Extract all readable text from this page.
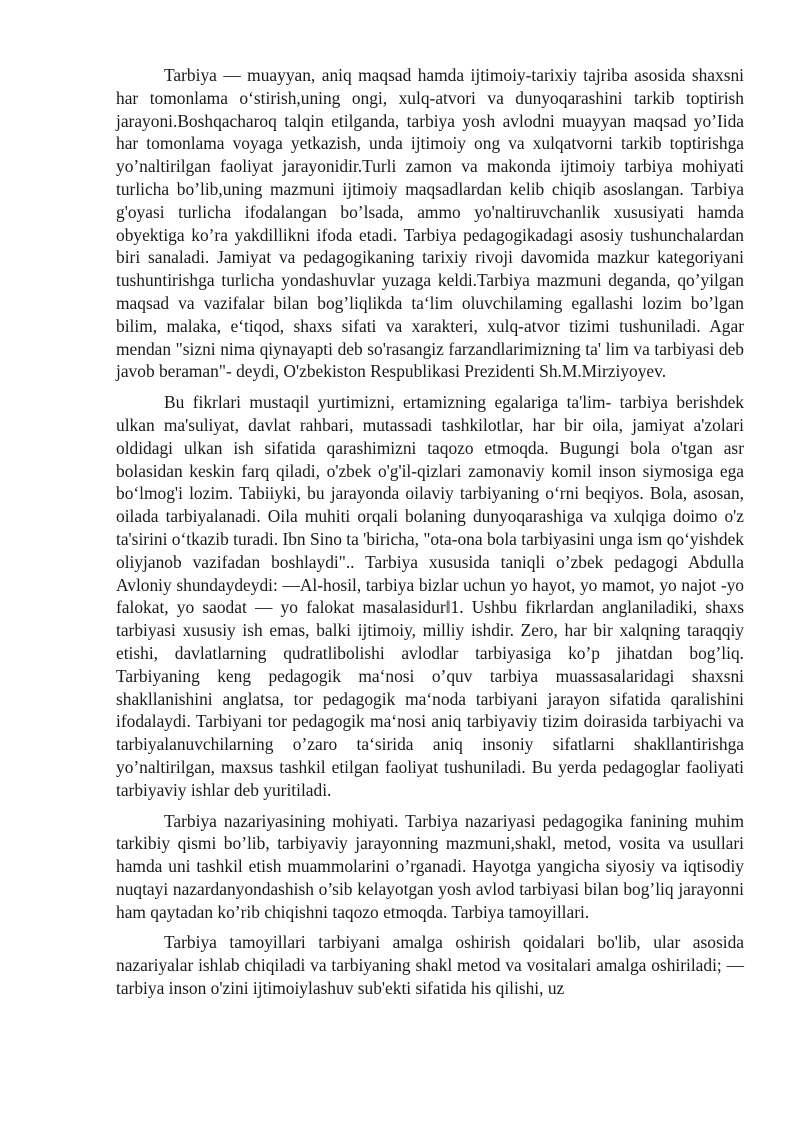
Tarbiya — muayyan, aniq maqsad hamda ijtimoiy-tarixiy tajriba asosida shaxsni har tomonlama o‘stirish,uning ongi, xulq-atvori va dunyoqarashini tarkib toptirish jarayoni.Boshqacharoq talqin etilganda, tarbiya yosh avlodni muayyan maqsad yo’Iida har tomonlama voyaga yetkazish, unda ijtimoiy ong va xulqatvorni tarkib toptirishga yo’naltirilgan faoliyat jarayonidir.Turli zamon va makonda ijtimoiy tarbiya mohiyati turlicha bo’lib,uning mazmuni ijtimoiy maqsadlardan kelib chiqib asoslangan. Tarbiya g'oyasi turlicha ifodalangan bo’lsada, ammo yo'naltiruvchanlik xususiyati hamda obyektiga ko’ra yakdillikni ifoda etadi. Tarbiya pedagogikadagi asosiy tushunchalardan biri sanaladi. Jamiyat va pedagogikaning tarixiy rivoji davomida mazkur kategoriyani tushuntirishga turlicha yondashuvlar yuzaga keldi.Tarbiya mazmuni deganda, qo’yilgan maqsad va vazifalar bilan bog’liqlikda ta‘lim oluvchilaming egallashi lozim bo’lgan bilim, malaka, e‘tiqod, shaxs sifati va xarakteri, xulq-atvor tizimi tushuniladi. Agar mendan "sizni nima qiynayapti deb so'rasangiz farzandlarimizning ta' lim va tarbiyasi deb javob beraman"- deydi, O'zbekiston Respublikasi Prezidenti Sh.M.Mirziyoyev.

Bu fikrlari mustaqil yurtimizni, ertamizning egalariga ta'lim- tarbiya berishdek ulkan ma'suliyat, davlat rahbari, mutassadi tashkilotlar, har bir oila, jamiyat a'zolari oldidagi ulkan ish sifatida qarashimizni taqozo etmoqda. Bugungi bola o'tgan asr bolasidan keskin farq qiladi, o'zbek o'g'il-qizlari zamonaviy komil inson siymosiga ega bo‘lmog'i lozim. Tabiiyki, bu jarayonda oilaviy tarbiyaning o‘rni beqiyos. Bola, asosan, oilada tarbiyalanadi. Oila muhiti orqali bolaning dunyoqarashiga va xulqiga doimo o'z ta'sirini o‘tkazib turadi. Ibn Sino ta 'biricha, "ota-ona bola tarbiyasini unga ism qo‘yishdek oliyjanob vazifadan boshlaydi".. Tarbiya xususida taniqli o’zbek pedagogi Abdulla Avloniy shundaydeydi: ―Al-hosil, tarbiya bizlar uchun yo hayot, yo mamot, yo najot -yo falokat, yo saodat — yo falokat masalasidur‖1. Ushbu fikrlardan anglaniladiki, shaxs tarbiyasi xususiy ish emas, balki ijtimoiy, milliy ishdir. Zero, har bir xalqning taraqqiy etishi, davlatlarning qudratlibolishi avlodlar tarbiyasiga ko’p jihatdan bog’liq. Tarbiyaning keng pedagogik ma‘nosi o’quv tarbiya muassasalaridagi shaxsni shakllanishini anglatsa, tor pedagogik ma‘noda tarbiyani jarayon sifatida qaralishini ifodalaydi. Tarbiyani tor pedagogik ma‘nosi aniq tarbiyaviy tizim doirasida tarbiyachi va tarbiyalanuvchilarning o’zaro ta‘sirida aniq insoniy sifatlarni shakllantirishga yo’naltirilgan, maxsus tashkil etilgan faoliyat tushuniladi. Bu yerda pedagoglar faoliyati tarbiyaviy ishlar deb yuritiladi.

Tarbiya nazariyasining mohiyati. Tarbiya nazariyasi pedagogika fanining muhim tarkibiy qismi bo’lib, tarbiyaviy jarayonning mazmuni,shakl, metod, vosita va usullari hamda uni tashkil etish muammolarini o’rganadi. Hayotga yangicha siyosiy va iqtisodiy nuqtayi nazardanyondashish o’sib kelayotgan yosh avlod tarbiyasi bilan bog’liq jarayonni ham qaytadan ko’rib chiqishni taqozo etmoqda. Tarbiya tamoyillari.

Tarbiya tamoyillari tarbiyani amalga oshirish qoidalari bo'lib, ular asosida nazariyalar ishlab chiqiladi va tarbiyaning shakl metod va vositalari amalga oshiriladi; — tarbiya inson o'zini ijtimoiylashuv sub'ekti sifatida his qilishi, uz
